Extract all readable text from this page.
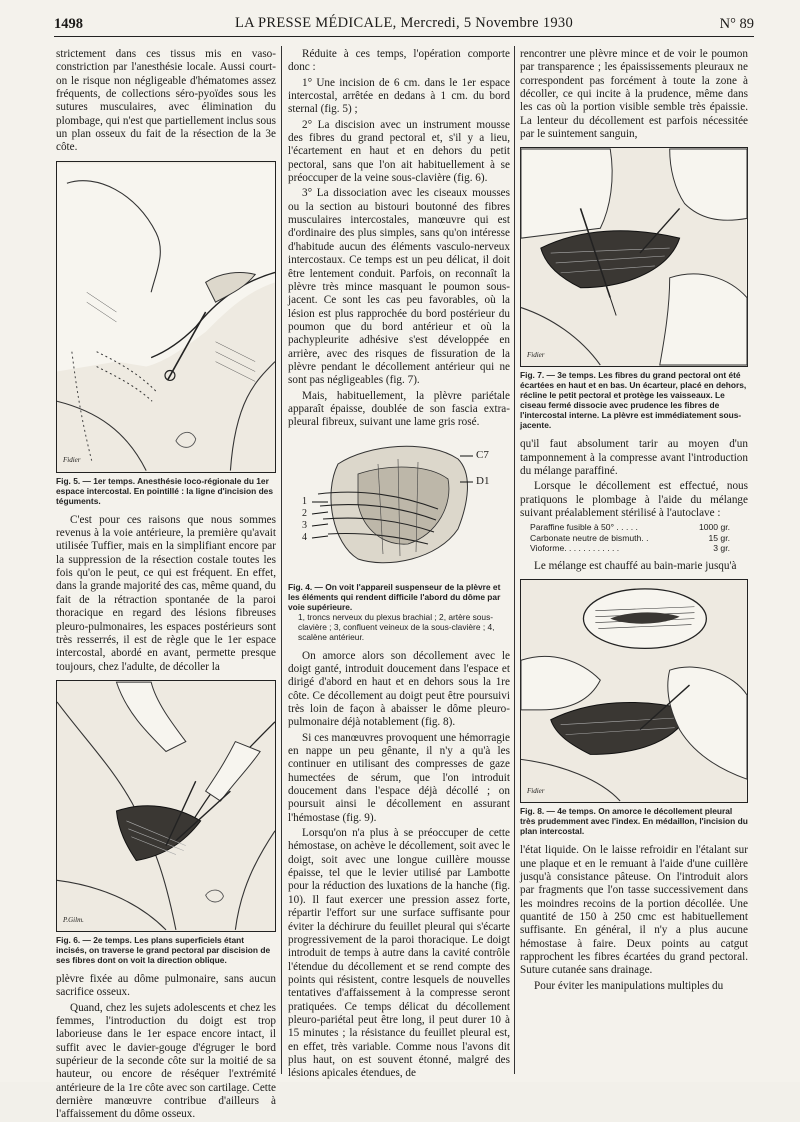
1498	LA PRESSE MÉDICALE, Mercredi, 5 Novembre 1930	N° 89

strictement dans ces tissus mis en vaso-constriction par l'anesthésie locale. Aussi court-on le risque non négligeable d'hématomes assez fréquents, de collections séro-pyoïdes sous les sutures musculaires, avec élimination du plombage, qui n'est que partiellement inclus sous un plan osseux du fait de la résection de la 3e côte.

Fidier
Fig. 5. — 1er temps. Anesthésie loco-régionale du 1er espace intercostal. En pointillé : la ligne d'incision des téguments.

C'est pour ces raisons que nous sommes revenus à la voie antérieure, la première qu'avait utilisée Tuffier, mais en la simplifiant encore par la suppression de la résection costale toutes les fois qu'on le peut, ce qui est fréquent. En effet, dans la grande majorité des cas, même quand, du fait de la rétraction spontanée de la paroi thoracique en regard des lésions fibreuses pleuro-pulmonaires, les espaces postérieurs sont très resserrés, il est de règle que le 1er espace intercostal, abordé en avant, permette presque toujours, chez l'adulte, de décoller la

P.Gilm.
Fig. 6. — 2e temps. Les plans superficiels étant incisés, on traverse le grand pectoral par discision de ses fibres dont on voit la direction oblique.

plèvre fixée au dôme pulmonaire, sans aucun sacrifice osseux.

Quand, chez les sujets adolescents et chez les femmes, l'introduction du doigt est trop laborieuse dans le 1er espace encore intact, il suffit avec le davier-gouge d'égruger le bord supérieur de la seconde côte sur la moitié de sa hauteur, ou encore de réséquer l'extrémité antérieure de la 1re côte avec son cartilage. Cette dernière manœuvre contribue d'ailleurs à l'affaissement du dôme osseux.

Réduite à ces temps, l'opération comporte donc :

1° Une incision de 6 cm. dans le 1er espace intercostal, arrêtée en dedans à 1 cm. du bord sternal (fig. 5) ;

2° La discision avec un instrument mousse des fibres du grand pectoral et, s'il y a lieu, l'écartement en haut et en dehors du petit pectoral, sans que l'on ait habituellement à se préoccuper de la veine sous-clavière (fig. 6).

3° La dissociation avec les ciseaux mousses ou la section au bistouri boutonné des fibres musculaires intercostales, manœuvre qui est d'ordinaire des plus simples, sans qu'on intéresse d'habitude aucun des éléments vasculo-nerveux intercostaux. Ce temps est un peu délicat, il doit être lentement conduit. Parfois, on reconnaît la plèvre très mince masquant le poumon sous-jacent. Ce sont les cas peu favorables, où la lésion est plus rapprochée du bord postérieur du poumon que du bord antérieur et où la pachypleurite adhésive s'est développée en arrière, avec des risques de fissuration de la plèvre pendant le décollement antérieur qui ne sont pas négligeables (fig. 7).

Mais, habituellement, la plèvre pariétale apparaît épaisse, doublée de son fascia extra-pleural fibreux, suivant une lame gris rosé.

C7
D1
1
2
3
4
Fig. 4. — On voit l'appareil suspenseur de la plèvre et les éléments qui rendent difficile l'abord du dôme par voie supérieure.
1, troncs nerveux du plexus brachial ; 2, artère sous-clavière ; 3, confluent veineux de la sous-clavière ; 4, scalène antérieur.

On amorce alors son décollement avec le doigt ganté, introduit doucement dans l'espace et dirigé d'abord en haut et en dehors sous la 1re côte. Ce décollement au doigt peut être poursuivi très loin de façon à abaisser le dôme pleuro-pulmonaire déjà notablement (fig. 8).

Si ces manœuvres provoquent une hémorragie en nappe un peu gênante, il n'y a qu'à les continuer en utilisant des compresses de gaze humectées de sérum, que l'on introduit doucement dans l'espace déjà décollé ; on poursuit ainsi le décollement en assurant l'hémostase (fig. 9).

Lorsqu'on n'a plus à se préoccuper de cette hémostase, on achève le décollement, soit avec le doigt, soit avec une longue cuillère mousse épaisse, tel que le levier utilisé par Lambotte pour la réduction des luxations de la hanche (fig. 10). Il faut exercer une pression assez forte, répartir l'effort sur une surface suffisante pour éviter la déchirure du feuillet pleural qui s'écarte progressivement de la paroi thoracique. Le doigt introduit de temps à autre dans la cavité contrôle l'étendue du décollement et se rend compte des points qui résistent, contre lesquels de nouvelles tentatives d'affaissement à la compresse seront pratiquées. Ce temps délicat du décollement pleuro-pariétal peut être long, il peut durer 10 à 15 minutes ; la résistance du feuillet pleural est, en effet, très variable. Comme nous l'avons dit plus haut, on est souvent étonné, malgré des lésions apicales étendues, de

rencontrer une plèvre mince et de voir le poumon par transparence ; les épaississements pleuraux ne correspondent pas forcément à toute la zone à décoller, ce qui incite à la prudence, même dans les cas où la portion visible semble très épaissie. La lenteur du décollement est parfois nécessitée par le suintement sanguin,

Fidier
Fig. 7. — 3e temps. Les fibres du grand pectoral ont été écartées en haut et en bas. Un écarteur, placé en dehors, récline le petit pectoral et protège les vaisseaux. Le ciseau fermé dissocie avec prudence les fibres de l'intercostal interne. La plèvre est immédiatement sous-jacente.

qu'il faut absolument tarir au moyen d'un tamponnement à la compresse avant l'introduction du mélange paraffiné.

Lorsque le décollement est effectué, nous pratiquons le plombage à l'aide du mélange suivant préalablement stérilisé à l'autoclave :

Paraffine fusible à 50° . . . . .	1000 gr.
Carbonate neutre de bismuth. .	15 gr.
Vioforme. . . . . . . . . . . .	3 gr.

Le mélange est chauffé au bain-marie jusqu'à

Fidier
Fig. 8. — 4e temps. On amorce le décollement pleural très prudemment avec l'index. En médaillon, l'incision du plan intercostal.

l'état liquide. On le laisse refroidir en l'étalant sur une plaque et en le remuant à l'aide d'une cuillère jusqu'à consistance pâteuse. On l'introduit alors par fragments que l'on tasse successivement dans les moindres recoins de la portion décollée. Une quantité de 150 à 250 cmc est habituellement suffisante. En général, il n'y a plus aucune hémostase à faire. Deux points au catgut rapprochent les fibres écartées du grand pectoral. Suture cutanée sans drainage.

Pour éviter les manipulations multiples du
